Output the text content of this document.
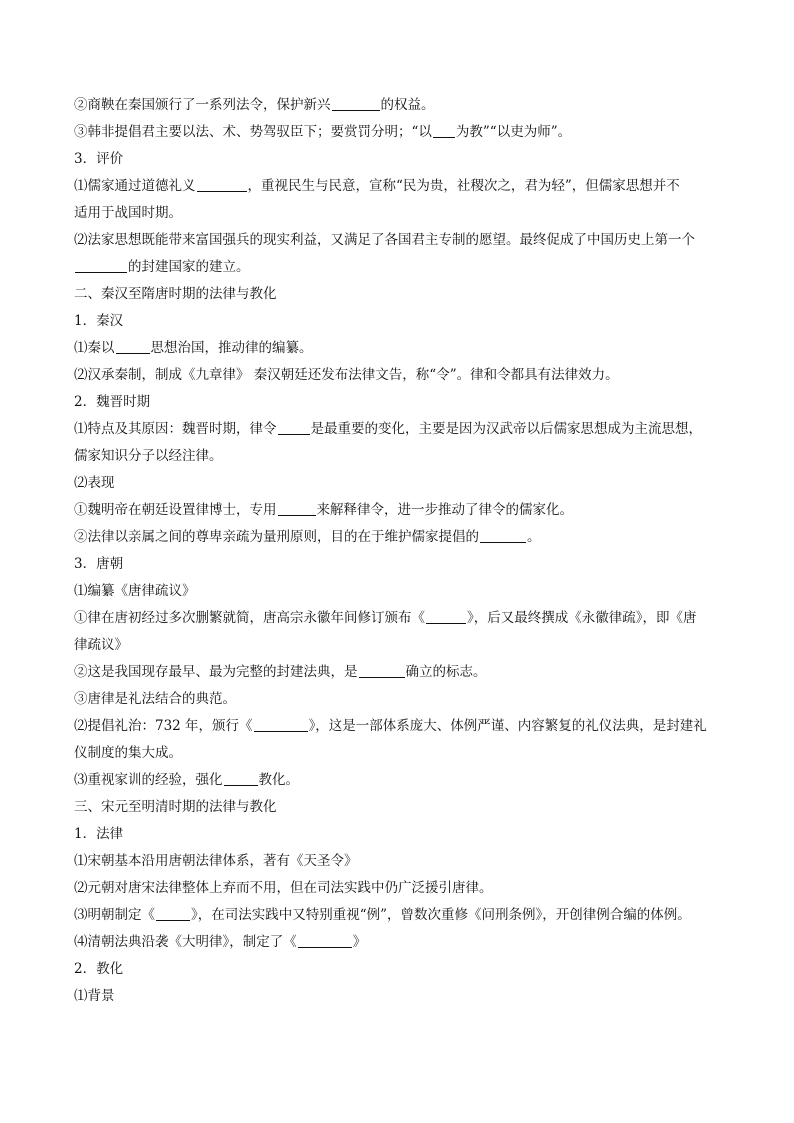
②商鞅在秦国颁行了一系列法令，保护新兴	的权益。
③韩非提倡君主要以法、术、势驾驭臣下；要赏罚分明；“以 为教”“以吏为师”。
3．评价
⑴儒家通过道德礼义	，重视民生与民意，宣称“民为贵，社稷次之，君为轻”，但儒家思想并不
适用于战国时期。
⑵法家思想既能带来富国强兵的现实利益，又满足了各国君主专制的愿望。最终促成了中国历史上第一个
的封建国家的建立。
二、秦汉至隋唐时期的法律与教化
1．秦汉
⑴秦以	思想治国，推动律的编纂。
⑵汉承秦制，制成《九章律》 秦汉朝廷还发布法律文告，称“令”。律和令都具有法律效力。
2．魏晋时期
⑴特点及其原因：魏晋时期，律令	是最重要的变化，主要是因为汉武帝以后儒家思想成为主流思想，
儒家知识分子以经注律。
⑵表现
①魏明帝在朝廷设置律博士，专用	来解释律令，进一步推动了律令的儒家化。
②法律以亲属之间的尊卑亲疏为量刑原则，目的在于维护儒家提倡的	。
3．唐朝
⑴编纂《唐律疏议》
①律在唐初经过多次删繁就简，唐高宗永徽年间修订颁布《	》，后又最终撰成《永徽律疏》，即《唐
律疏议》
②这是我国现存最早、最为完整的封建法典，是	确立的标志。
③唐律是礼法结合的典范。
⑵提倡礼治：732 年，颁行《	》，这是一部体系庞大、体例严谨、内容繁复的礼仪法典，是封建礼
仪制度的集大成。
⑶重视家训的经验，强化	教化。
三、宋元至明清时期的法律与教化
1．法律
⑴宋朝基本沿用唐朝法律体系，著有《天圣令》
⑵元朝对唐宋法律整体上弃而不用，但在司法实践中仍广泛援引唐律。
⑶明朝制定《	》，在司法实践中又特别重视“例”，曾数次重修《问刑条例》，开创律例合编的体例。
⑷清朝法典沿袭《大明律》，制定了《	》
2．教化
⑴背景
